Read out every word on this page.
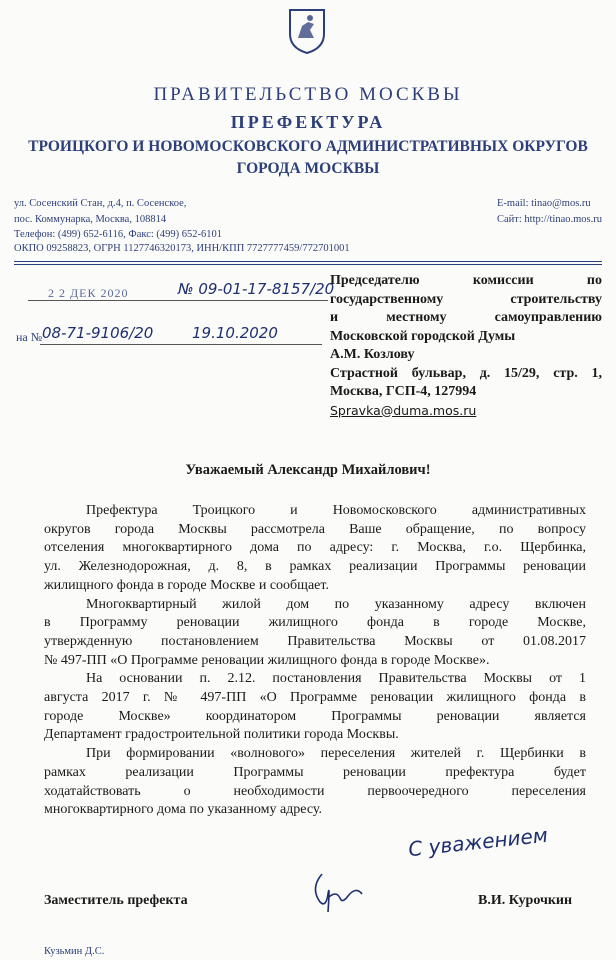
ПРАВИТЕЛЬСТВО МОСКВЫ
ПРЕФЕКТУРА
ТРОИЦКОГО И НОВОМОСКОВСКОГО АДМИНИСТРАТИВНЫХ ОКРУГОВ
ГОРОДА МОСКВЫ
ул. Сосенский Стан, д.4, п. Сосенское,
пос. Коммунарка, Москва, 108814
Телефон: (499) 652-6116, Факс: (499) 652-6101
E-mail: tinao@mos.ru
Сайт: http://tinao.mos.ru
ОКПО 09258823, ОГРН 1127746320173, ИНН/КПП 7727777459/772701001
2 2 ДЕК 2020	№ 09-01-17-8157/20
на № 08-71-9106/20	19.10.2020
Председателю комиссии по
государственному строительству
и местному самоуправлению
Московской городской Думы
А.М. Козлову
Страстной бульвар, д. 15/29, стр. 1,
Москва, ГСП-4, 127994
Spravka@duma.mos.ru
Уважаемый Александр Михайлович!

Префектура Троицкого и Новомосковского административных
округов города Москвы рассмотрела Ваше обращение, по вопросу
отселения многоквартирного дома по адресу: г. Москва, г.о. Щербинка,
ул. Железнодорожная, д. 8, в рамках реализации Программы реновации
жилищного фонда в городе Москве и сообщает.

Многоквартирный жилой дом по указанному адресу включен
в Программу реновации жилищного фонда в городе Москве,
утвержденную постановлением Правительства Москвы от 01.08.2017
№ 497-ПП «О Программе реновации жилищного фонда в городе Москве».

На основании п. 2.12. постановления Правительства Москвы от 1
августа 2017 г. № 497-ПП «О Программе реновации жилищного фонда в
городе Москве» координатором Программы реновации является
Департамент градостроительной политики города Москвы.

При формировании «волнового» переселения жителей г. Щербинки в
рамках реализации Программы реновации префектура будет
ходатайствовать о необходимости первоочередного переселения
многоквартирного дома по указанному адресу.

С уважением
Заместитель префекта	В.И. Курочкин
Кузьмин Д.С.
